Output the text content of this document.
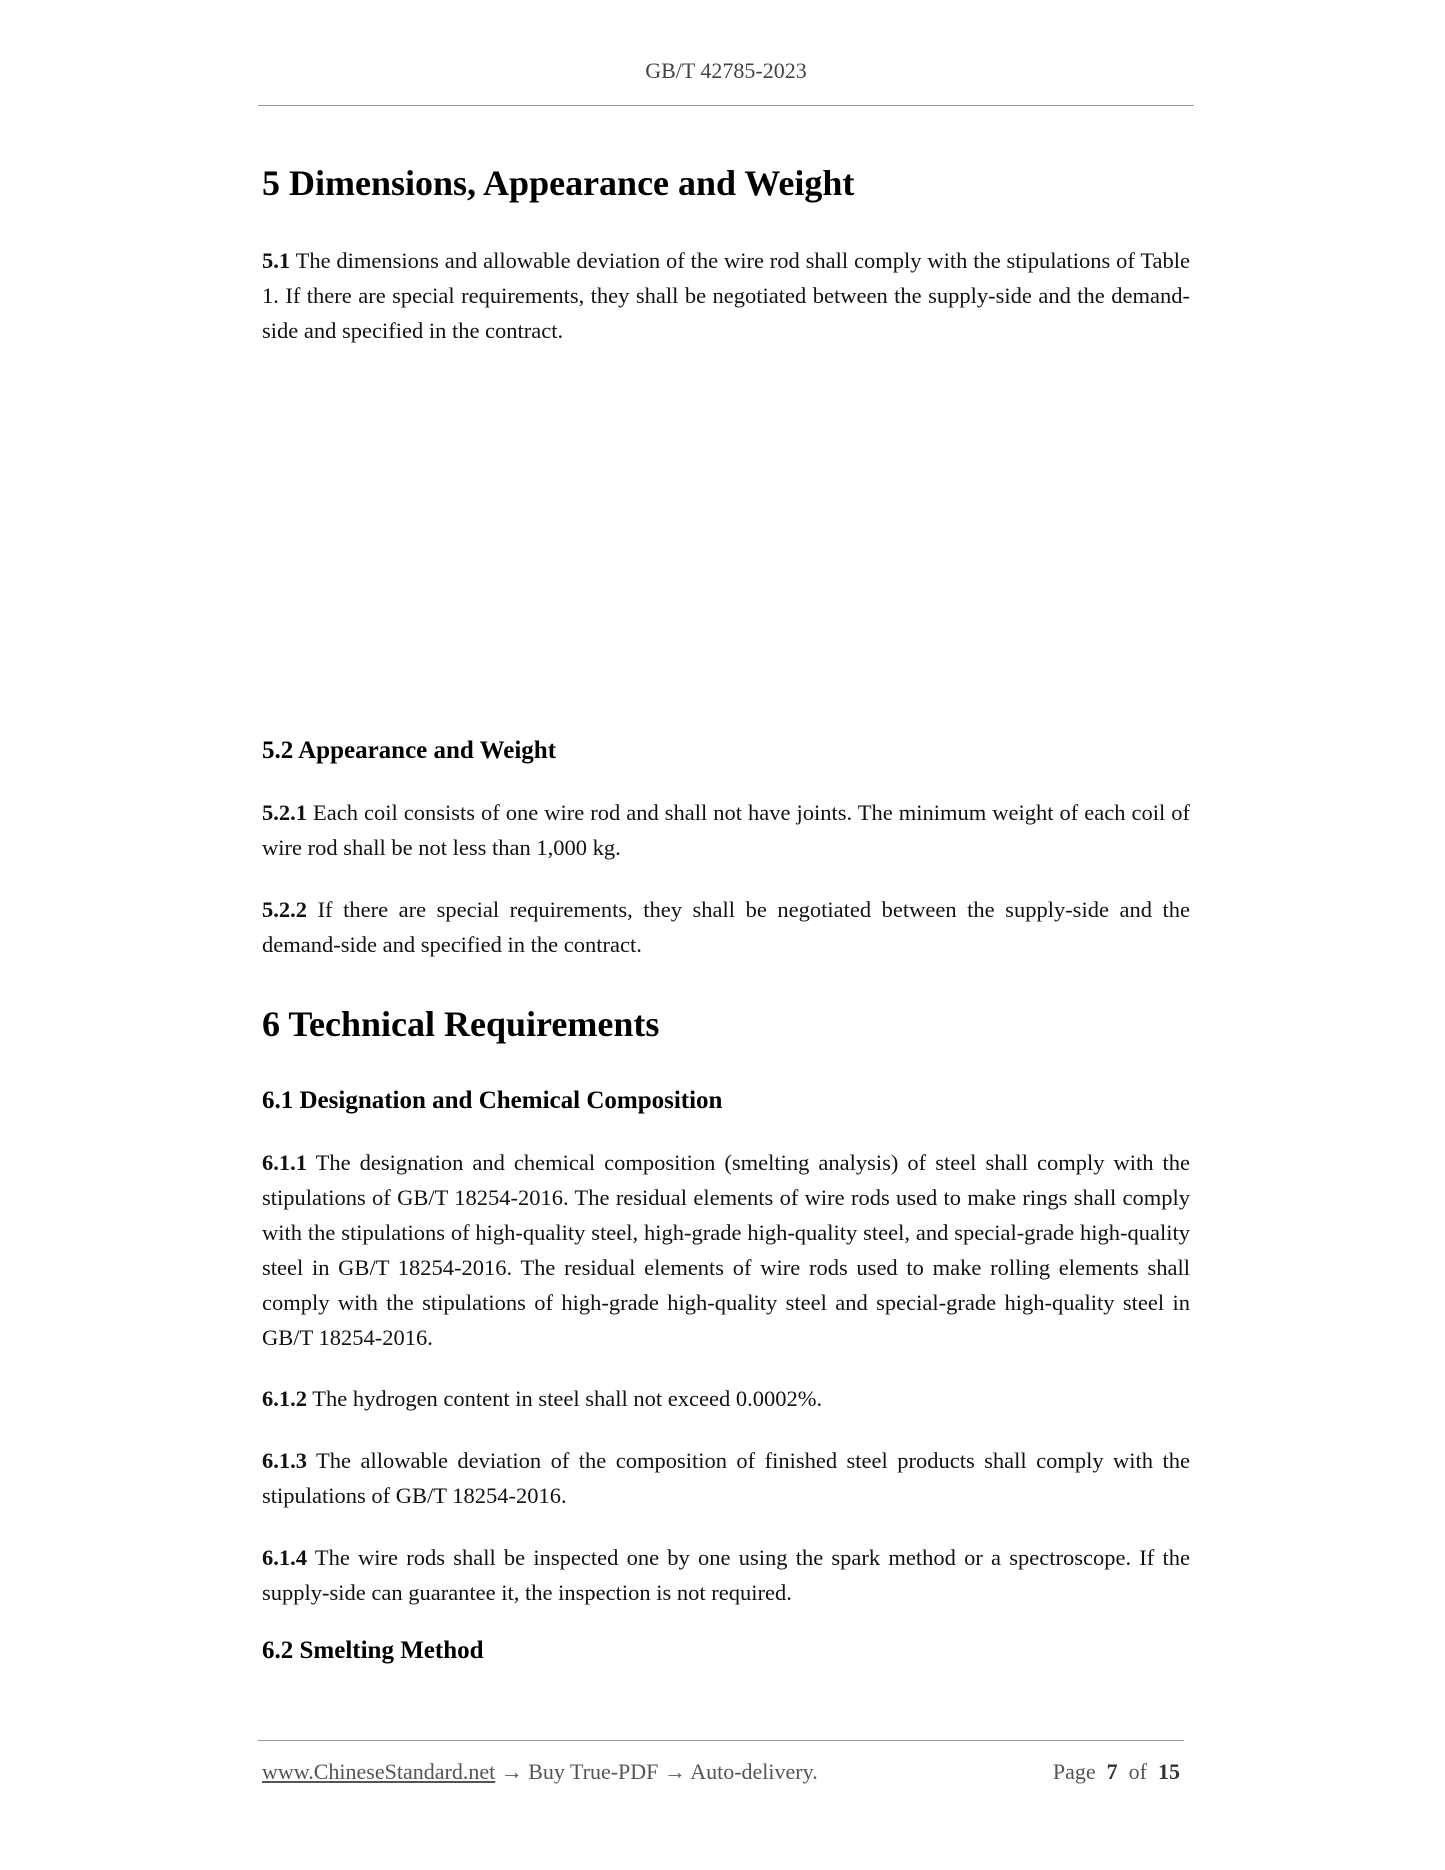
GB/T 42785-2023
5 Dimensions, Appearance and Weight

5.1 The dimensions and allowable deviation of the wire rod shall comply with the stipulations of Table 1. If there are special requirements, they shall be negotiated between the supply-side and the demand-side and specified in the contract.

5.2 Appearance and Weight

5.2.1 Each coil consists of one wire rod and shall not have joints. The minimum weight of each coil of wire rod shall be not less than 1,000 kg.

5.2.2 If there are special requirements, they shall be negotiated between the supply-side and the demand-side and specified in the contract.

6 Technical Requirements
6.1 Designation and Chemical Composition

6.1.1 The designation and chemical composition (smelting analysis) of steel shall comply with the stipulations of GB/T 18254-2016. The residual elements of wire rods used to make rings shall comply with the stipulations of high-quality steel, high-grade high-quality steel, and special-grade high-quality steel in GB/T 18254-2016. The residual elements of wire rods used to make rolling elements shall comply with the stipulations of high-grade high-quality steel and special-grade high-quality steel in GB/T 18254-2016.

6.1.2 The hydrogen content in steel shall not exceed 0.0002%.

6.1.3 The allowable deviation of the composition of finished steel products shall comply with the stipulations of GB/T 18254-2016.

6.1.4 The wire rods shall be inspected one by one using the spark method or a spectroscope. If the supply-side can guarantee it, the inspection is not required.

6.2 Smelting Method
www.ChineseStandard.net → Buy True-PDF → Auto-delivery.	Page 7 of 15
